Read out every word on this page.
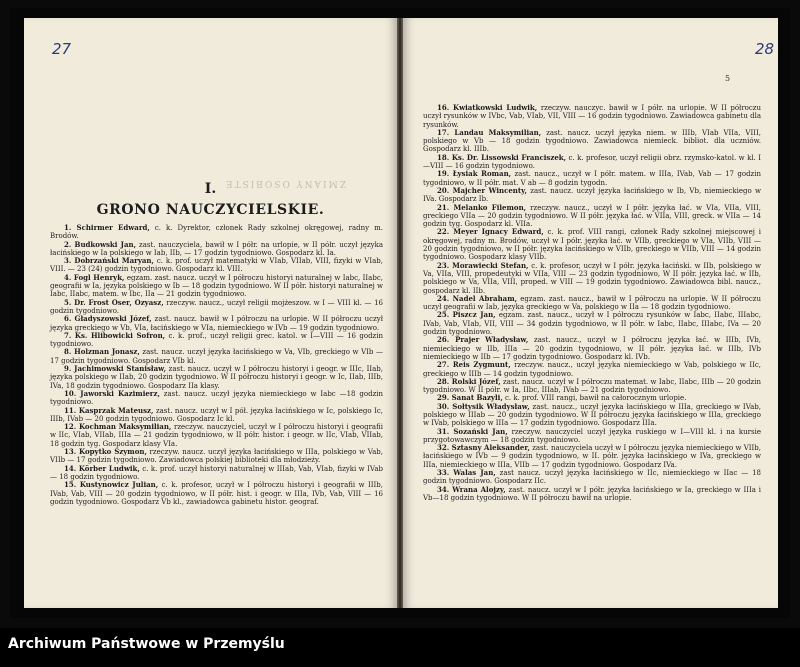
27
ZMIANY OSOBISTE
I.
GRONO NAUCZYCIELSKIE.

1. Schirmer Edward, c. k. Dyrektor, członek Rady szkolnej okręgowej, radny m. Brodów.

2. Budkowski Jan, zast. nauczyciela, bawił w I półr. na urlopie, w II półr. uczył języka łacińskiego w Ia polskiego w Iab, IIb, — 17 godzin tygodniowo. Gospodarz kl. Ia.

3. Dobrzański Maryan, c. k. prof. uczył matematyki w VIab, VIIab, VIII, fizyki w VIab, VIII. — 23 (24) godzin tygodniowo. Gospodarz kl. VIII.

4. Fogl Henryk, egzam. zast. naucz. uczył w I półroczu historyi naturalnej w Iabc, IIabc, geografii w Ia, języka polskiego w Ib — 18 godzin tygodniowo. W II półr. historyi naturalnej w Iabc, IIabc, matem. w Ibc, IIa — 21 godzin tygodniowo.

5. Dr. Frost Oser, Ozyasz, rzeczyw. naucz., uczył religii mojżeszow. w I — VIII kl. — 16 godzin tygodniowo.

6. Gładyszowski Józef, zast. naucz. bawił w I półroczu na urlopie. W II półroczu uczył języka greckiego w Vb, VIa, łacińskiego w VIa, niemieckiego w IVb — 19 godzin tygodniowo.

7. Ks. Hlibowicki Sofron, c. k. prof., uczył religii grec. katol. w I—VIII — 16 godzin tygodniowo.

8. Holzman Jonasz, zast. naucz. uczył języka łacińskiego w Va, VIb, greckiego w VIb — 17 godzin tygodniowo. Gospodarz VIb kl.

9. Jachimowski Stanisław, zast. naucz. uczył w I półroczu historyi i geogr. w IIIc, IIab, języka polskiego w IIab, 20 godzin tygodniowo. W II półroczu historyi i geogr. w Ic, IIab, IIIb, IVa, 18 godzin tygodniowo. Gospodarz IIa klasy.

10. Jaworski Kazimierz, zast. naucz. uczył języka niemieckiego w Iabc —18 godzin tygodniowo.

11. Kasprzak Mateusz, zast. naucz. uczył w I pół. języka łacińskiego w Ic, polskiego Ic, IIIb, IVab — 20 godzin tygodniowo. Gospodarz Ic kl.

12. Kochman Maksymilian, rzeczyw. nauczyciel, uczył w I półroczu historyi i geografii w IIc, VIab, VIIab, IIIa — 21 godzin tygodniowo, w II półr. histor. i geogr. w IIc, VIab, VIIab, 18 godzin tyg. Gospodarz klasy VIa.

13. Kopytko Szymon, rzeczyw. naucz. uczył języka łacińskiego w IIIa, polskiego w Vab, VIIb — 17 godzin tygodniowo. Zawiadowca polskiej biblioteki dla młodzieży.

14. Körber Ludwik, c. k. prof. uczył historyi naturalnej w IIIab, Vab, VIab, fizyki w IVab — 18 godzin tygodniowo.

15. Kustynowicz Julian, c. k. profesor, uczył w I półroczu historyi i geografii w IIIb, IVab, Vab, VIII — 20 godzin tygodniowo, w II półr. hist. i geogr. w IIIa, IVb, Vab, VIII — 16 godzin tygodniowo. Gospodarz Vb kl., zawiadowca gabinetu histor. geograf.

28
5

16. Kwiatkowski Ludwik, rzeczyw. nauczyc. bawił w I półr. na urlopie. W II półroczu uczył rysunków w IVbc, Vab, VIab, VII, VIII — 16 godzin tygodniowo. Zawiadowca gabinetu dla rysunków.

17. Landau Maksymilian, zast. naucz. uczył języka niem. w IIIb, VIab VIIa, VIII, polskiego w Vb — 18 godzin tygodniowo. Zawiadowca niemieck. bibliot. dla uczniów. Gospodarz kl. IIIb.

18. Ks. Dr. Lissowski Franciszek, c. k. profesor, uczył religii obrz. rzymsko-katol. w kl. I—VIII — 16 godzin tygodniowo.

19. Łysiak Roman, zast. naucz., uczył w I półr. matem. w IIIa, IVab, Vab — 17 godzin tygodniowo, w II półr. mat. V ab — 8 godzin tygodn.

20. Majcher Wincenty, zast. naucz. uczył języka łacińskiego w Ib, Vb, niemieckiego w IVa. Gospodarz Ib.

21. Melanko Filemon, rzeczyw. naucz., uczył w I półr. języka łać. w VIa, VIIa, VIII, greckiego VIIa — 20 godzin tygodniowo. W II półr. języka łać. w VIIa, VIII, greck. w VIIa — 14 godzin tyg. Gospodarz kl. VIIa.

22. Meyer Ignacy Edward, c. k. prof. VIII rangi, członek Rady szkolnej miejscowej i okręgowej, radny m. Brodów, uczył w I półr. języka łać. w VIIb, greckiego w VIa, VIIb, VIII — 20 godzin tygodniowo, w II półr. języka łacińskiego w VIIb, greckiego w VIIb, VIII — 14 godzin tygodniowo. Gospodarz klasy VIIb.

23. Morawiecki Stefan, c. k. profesor, uczył w I półr. języka łaciński. w IIb, polskiego w Va, VIIa, VIII, propedeutyki w VIIa, VIII — 23 godzin tygodniowo, W II półr. języka łać. w IIb, polskiego w Va, VIIa, VIII, proped. w VIII — 19 godzin tygodniowo. Zawiadowca bibl. naucz., gospodarz kl. IIb.

24. Nadel Abraham, egzam. zast. naucz., bawił w I półroczu na urlopie. W II półroczu uczył geografii w Iab, języka greckiego w Va, polskiego w IIa — 18 godzin tygodniowo.

25. Piszcz Jan, egzam. zast. naucz., uczył w I półroczu rysunków w Iabc, IIabc, IIIabc, IVab, Vab, VIab, VII, VIII — 34 godzin tygodniowo, w II półr. w Iabc, IIabc, IIIabc, IVa — 20 godzin tygodniowo.

26. Prajer Władysław, zast. naucz., uczył w I półroczu języka łać. w IIIb, IVb, niemieckiego w IIb, IIIa — 20 godzin tygodniowo, w II półr. języka łać. w IIIb, IVb niemieckiego w IIb — 17 godzin tygodniowo. Gospodarz kl. IVb.

27. Reis Zygmunt, rzeczyw. naucz., uczył języka niemieckiego w Vab, polskiego w IIc, greckiego w IIIb — 14 godzin tygodniowo.

28. Rolski Józef, zast. naucz. uczył w I półroczu matemat. w Iabc, IIabc, IIIb — 20 godzin tygodniowo. W II półr. w Ia, IIbc, IIIab, IVab — 21 godzin tygodniowo.

29. Sanat Bazyli, c. k. prof. VIII rangi, bawił na całorocznym urlopie.

30. Sołtysik Władysław, zast. naucz., uczył języka łacińskiego w IIIa, greckiego w IVab, polskiego w IIIab — 20 godzin tygodniowo. W II półroczu języka łacińskiego w IIIa, greckiego w IVab, polskiego w IIIa — 17 godzin tygodniowo. Gospodarz IIIa.

31. Sozański Jan, rzeczyw. nauczyciel uczył języka ruskiego w I—VIII kl. i na kursie przygotowawczym — 18 godzin tygodniowo.

32. Sztasny Aleksander, zast. nauczyciela uczył w I półroczu języka niemieckiego w VIIb, łacińskiego w IVb — 9 godzin tygodniowo, w II. półr. języka łacińskiego w IVa, greckiego w IIIa, niemieckiego w IIIa, VIIb — 17 godzin tygodniowo. Gospodarz IVa.

33. Walas Jan, zast naucz. uczył języka łacińskiego w IIc, niemieckiego w IIac — 18 godzin tygodniowo. Gospodarz IIc.

34. Wrana Alojzy, zast. naucz. uczył w I półr. języka łacińskiego w Ia, greckiego w IIIa i Vb—18 godzin tygodniowo. W II półroczu bawił na urlopie.

Archiwum Państwowe w Przemyślu
